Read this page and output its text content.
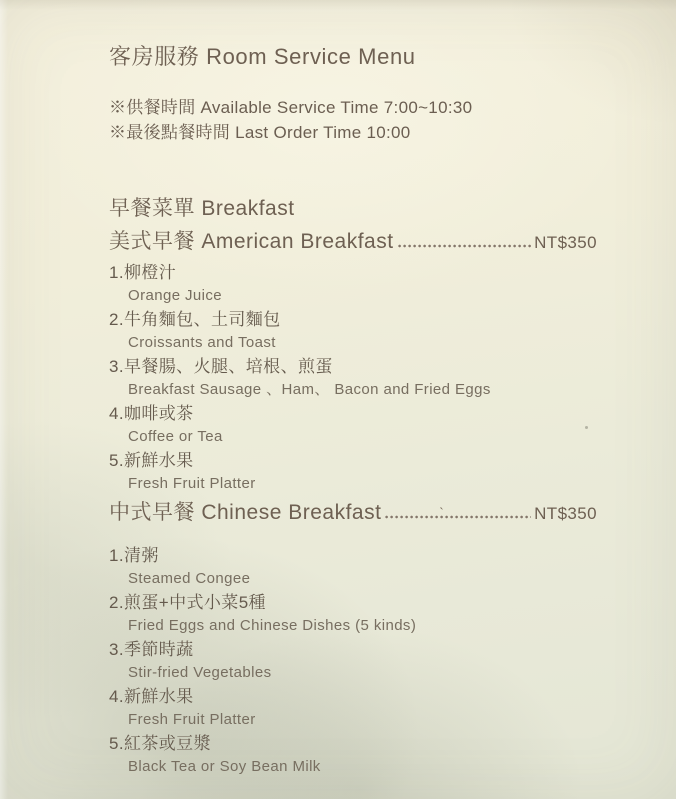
客房服務 Room Service Menu
※供餐時間 Available Service Time 7:00~10:30
※最後點餐時間 Last Order Time 10:00
早餐菜單 Breakfast
美式早餐 American Breakfast	NT$350
1.柳橙汁
Orange Juice
2.牛角麵包、土司麵包
Croissants and Toast
3.早餐腸、火腿、培根、煎蛋
Breakfast Sausage 、Ham、 Bacon and Fried Eggs
4.咖啡或茶
Coffee or Tea
5.新鮮水果
Fresh Fruit Platter
中式早餐 Chinese Breakfast	`	NT$350
1.清粥
Steamed Congee
2.煎蛋+中式小菜5種
Fried Eggs and Chinese Dishes (5 kinds)
3.季節時蔬
Stir-fried Vegetables
4.新鮮水果
Fresh Fruit Platter
5.紅茶或豆漿
Black Tea or Soy Bean Milk
